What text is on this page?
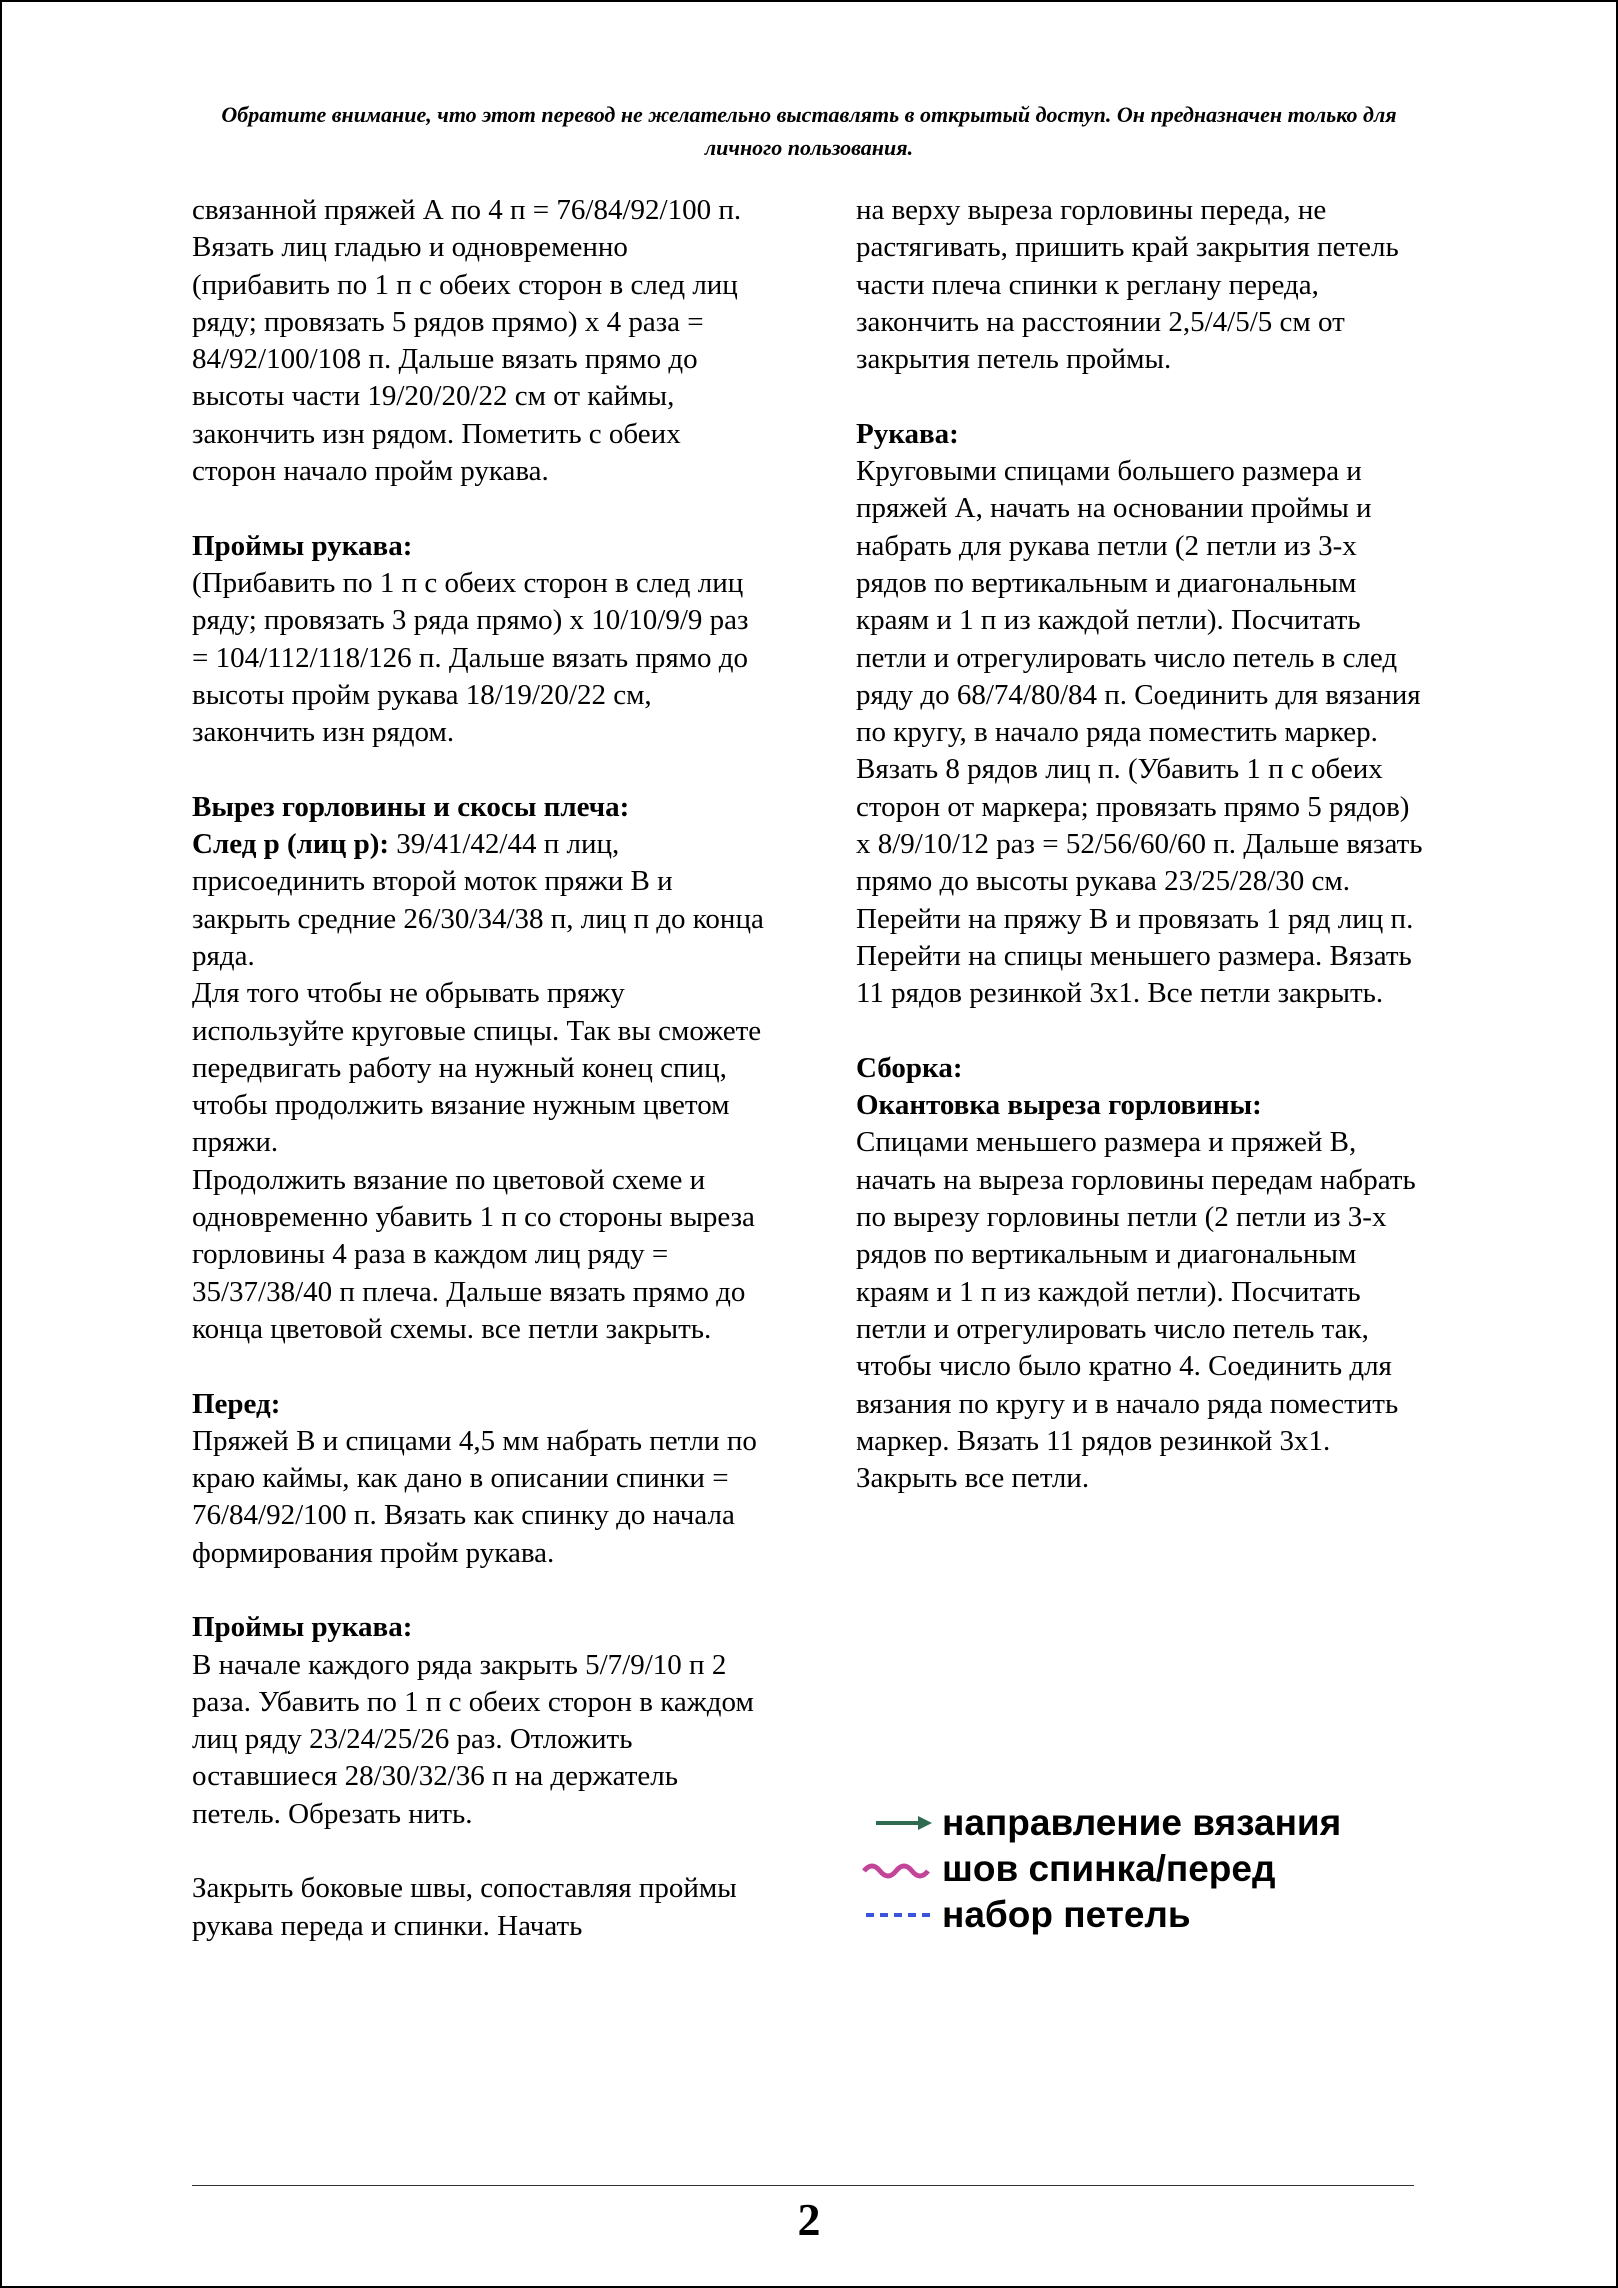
Обратите внимание, что этот перевод не желательно выставлять в открытый доступ. Он предназначен только для личного пользования.

связанной пряжей А по 4 п = 76/84/92/100 п. Вязать лиц гладью и одновременно (прибавить по 1 п с обеих сторон в след лиц ряду; провязать 5 рядов прямо) х 4 раза = 84/92/100/108 п. Дальше вязать прямо до высоты части 19/20/20/22 см от каймы, закончить изн рядом. Пометить с обеих сторон начало пройм рукава.

Проймы рукава:

(Прибавить по 1 п с обеих сторон в след лиц ряду; провязать 3 ряда прямо) х 10/10/9/9 раз = 104/112/118/126 п. Дальше вязать прямо до высоты пройм рукава 18/19/20/22 см, закончить изн рядом.

Вырез горловины и скосы плеча:

След р (лиц р): 39/41/42/44 п лиц, присоединить второй моток пряжи В и закрыть средние 26/30/34/38 п, лиц п до конца ряда.

Для того чтобы не обрывать пряжу используйте круговые спицы. Так вы сможете передвигать работу на нужный конец спиц, чтобы продолжить вязание нужным цветом пряжи.

Продолжить вязание по цветовой схеме и одновременно убавить 1 п со стороны выреза горловины 4 раза в каждом лиц ряду = 35/37/38/40 п плеча. Дальше вязать прямо до конца цветовой схемы. все петли закрыть.

Перед:

Пряжей В и спицами 4,5 мм набрать петли по краю каймы, как дано в описании спинки = 76/84/92/100 п. Вязать как спинку до начала формирования пройм рукава.

Проймы рукава:

В начале каждого ряда закрыть 5/7/9/10 п 2 раза. Убавить по 1 п с обеих сторон в каждом лиц ряду 23/24/25/26 раз. Отложить оставшиеся 28/30/32/36 п на держатель петель. Обрезать нить.

Закрыть боковые швы, сопоставляя проймы рукава переда и спинки. Начать

на верху выреза горловины переда, не растягивать, пришить край закрытия петель части плеча спинки к реглану переда, закончить на расстоянии 2,5/4/5/5 см от закрытия петель проймы.

Рукава:

Круговыми спицами большего размера и пряжей А, начать на основании проймы и набрать для рукава петли (2 петли из 3-х рядов по вертикальным и диагональным краям и 1 п из каждой петли). Посчитать петли и отрегулировать число петель в след ряду до 68/74/80/84 п. Соединить для вязания по кругу, в начало ряда поместить маркер. Вязать 8 рядов лиц п. (Убавить 1 п с обеих сторон от маркера; провязать прямо 5 рядов) х 8/9/10/12 раз = 52/56/60/60 п. Дальше вязать прямо до высоты рукава 23/25/28/30 см. Перейти на пряжу В и провязать 1 ряд лиц п. Перейти на спицы меньшего размера. Вязать 11 рядов резинкой 3х1. Все петли закрыть.

Сборка:

Окантовка выреза горловины:

Спицами меньшего размера и пряжей В, начать на выреза горловины передам набрать по вырезу горловины петли (2 петли из 3-х рядов по вертикальным и диагональным краям и 1 п из каждой петли). Посчитать петли и отрегулировать число петель так, чтобы число было кратно 4. Соединить для вязания по кругу и в начало ряда поместить маркер. Вязать 11 рядов резинкой 3х1. Закрыть все петли.

направление вязания
шов спинка/перед
набор петель
2
